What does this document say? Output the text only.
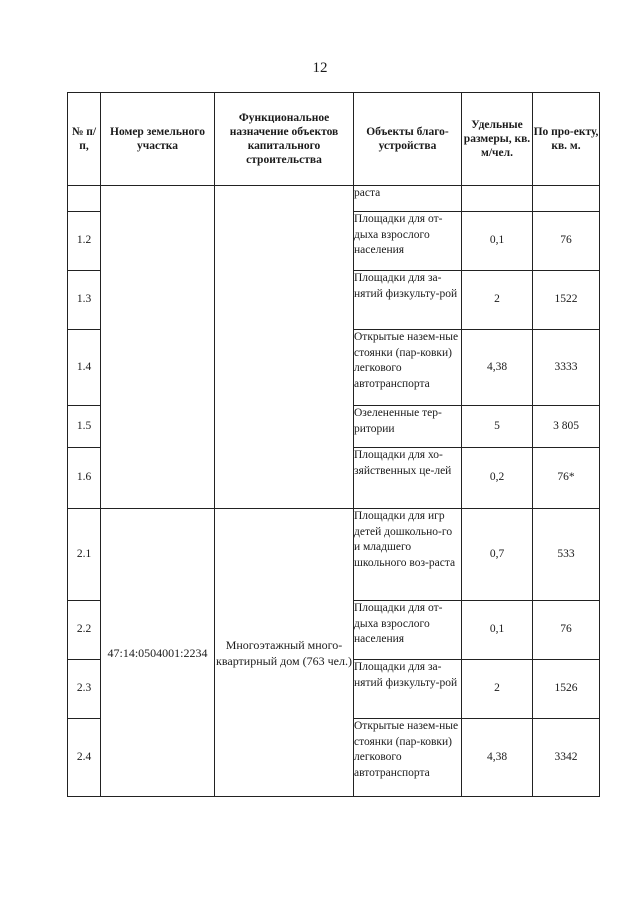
12
№ п/п,	Номер земельного участка	Функциональное назначение объектов капитального строительства	Объекты благо-устройства	Удельные размеры, кв. м/чел.	По про-екту, кв. м.
			раста		
1.2			Площадки для от-дыха взрослого населения	0,1	76
1.3			Площадки для за-нятий физкульту-рой	2	1522
1.4			Открытые назем-ные стоянки (пар-ковки) легкового автотранспорта	4,38	3333
1.5			Озелененные тер-ритории	5	3 805
1.6			Площадки для хо-зяйственных це-лей	0,2	76*
2.1	47:14:0504001:2234	Многоэтажный много-квартирный дом (763 чел.)	Площадки для игр детей дошкольно-го и младшего школьного воз-раста	0,7	533
2.2			Площадки для от-дыха взрослого населения	0,1	76
2.3			Площадки для за-нятий физкульту-рой	2	1526
2.4			Открытые назем-ные стоянки (пар-ковки) легкового автотранспорта	4,38	3342
